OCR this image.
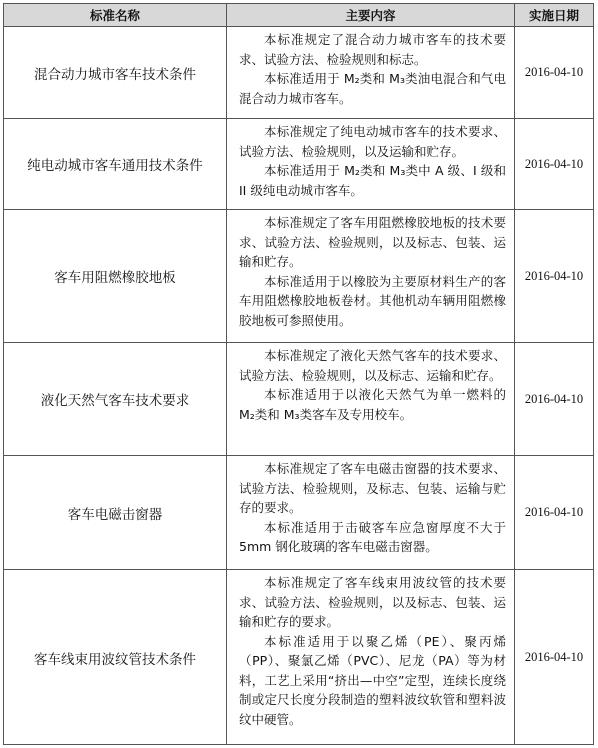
标准名称	主要内容	实施日期
混合动力城市客车技术条件

本标准规定了混合动力城市客车的技术要求、试验方法、检验规则和标志。

本标准适用于 M₂类和 M₃类油电混合和气电混合动力城市客车。

2016-04-10
纯电动城市客车通用技术条件

本标准规定了纯电动城市客车的技术要求、试验方法、检验规则，以及运输和贮存。

本标准适用于 M₂类和 M₃类中 A 级、I 级和 II 级纯电动城市客车。

2016-04-10
客车用阻燃橡胶地板

本标准规定了客车用阻燃橡胶地板的技术要求、试验方法、检验规则，以及标志、包装、运输和贮存。

本标准适用于以橡胶为主要原材料生产的客车用阻燃橡胶地板卷材。其他机动车辆用阻燃橡胶地板可参照使用。

2016-04-10
液化天然气客车技术要求

本标准规定了液化天然气客车的技术要求、试验方法、检验规则，以及标志、运输和贮存。

本标准适用于以液化天然气为单一燃料的 M₂类和 M₃类客车及专用校车。

2016-04-10
客车电磁击窗器

本标准规定了客车电磁击窗器的技术要求、试验方法、检验规则，及标志、包装、运输与贮存的要求。

本标准适用于击破客车应急窗厚度不大于 5mm 钢化玻璃的客车电磁击窗器。

2016-04-10
客车线束用波纹管技术条件

本标准规定了客车线束用波纹管的技术要求、试验方法、检验规则，以及标志、包装、运输和贮存的要求。

本标准适用于以聚乙烯（PE）、聚丙烯（PP）、聚氯乙烯（PVC）、尼龙（PA）等为材料，工艺上采用“挤出—中空”定型，连续长度绕制或定尺长度分段制造的塑料波纹软管和塑料波纹中硬管。

2016-04-10
